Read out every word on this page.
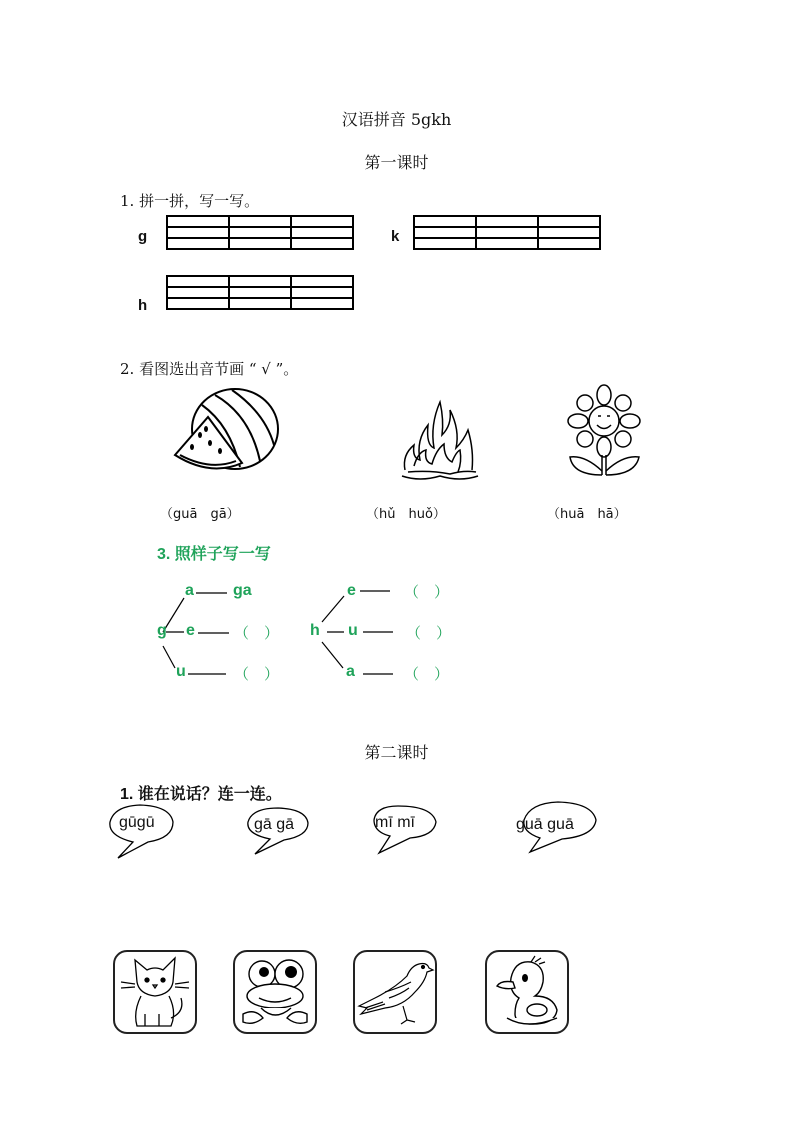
汉语拼音 5gkh
第一课时
1. 拼一拼，写一写。
g

			k

h

2. 看图选出音节画 “ √ ”。
（guā　gā）	（hǔ　huǒ）	（huā　hā）
3. 照样子写一写
g
a
e
u
ga
（　）
（　）
h
e
u
a
（　）
（　）
（　）
第二课时
1. 谁在说话？连一连。
gūgū	gā gā	mī mī	guā guā
